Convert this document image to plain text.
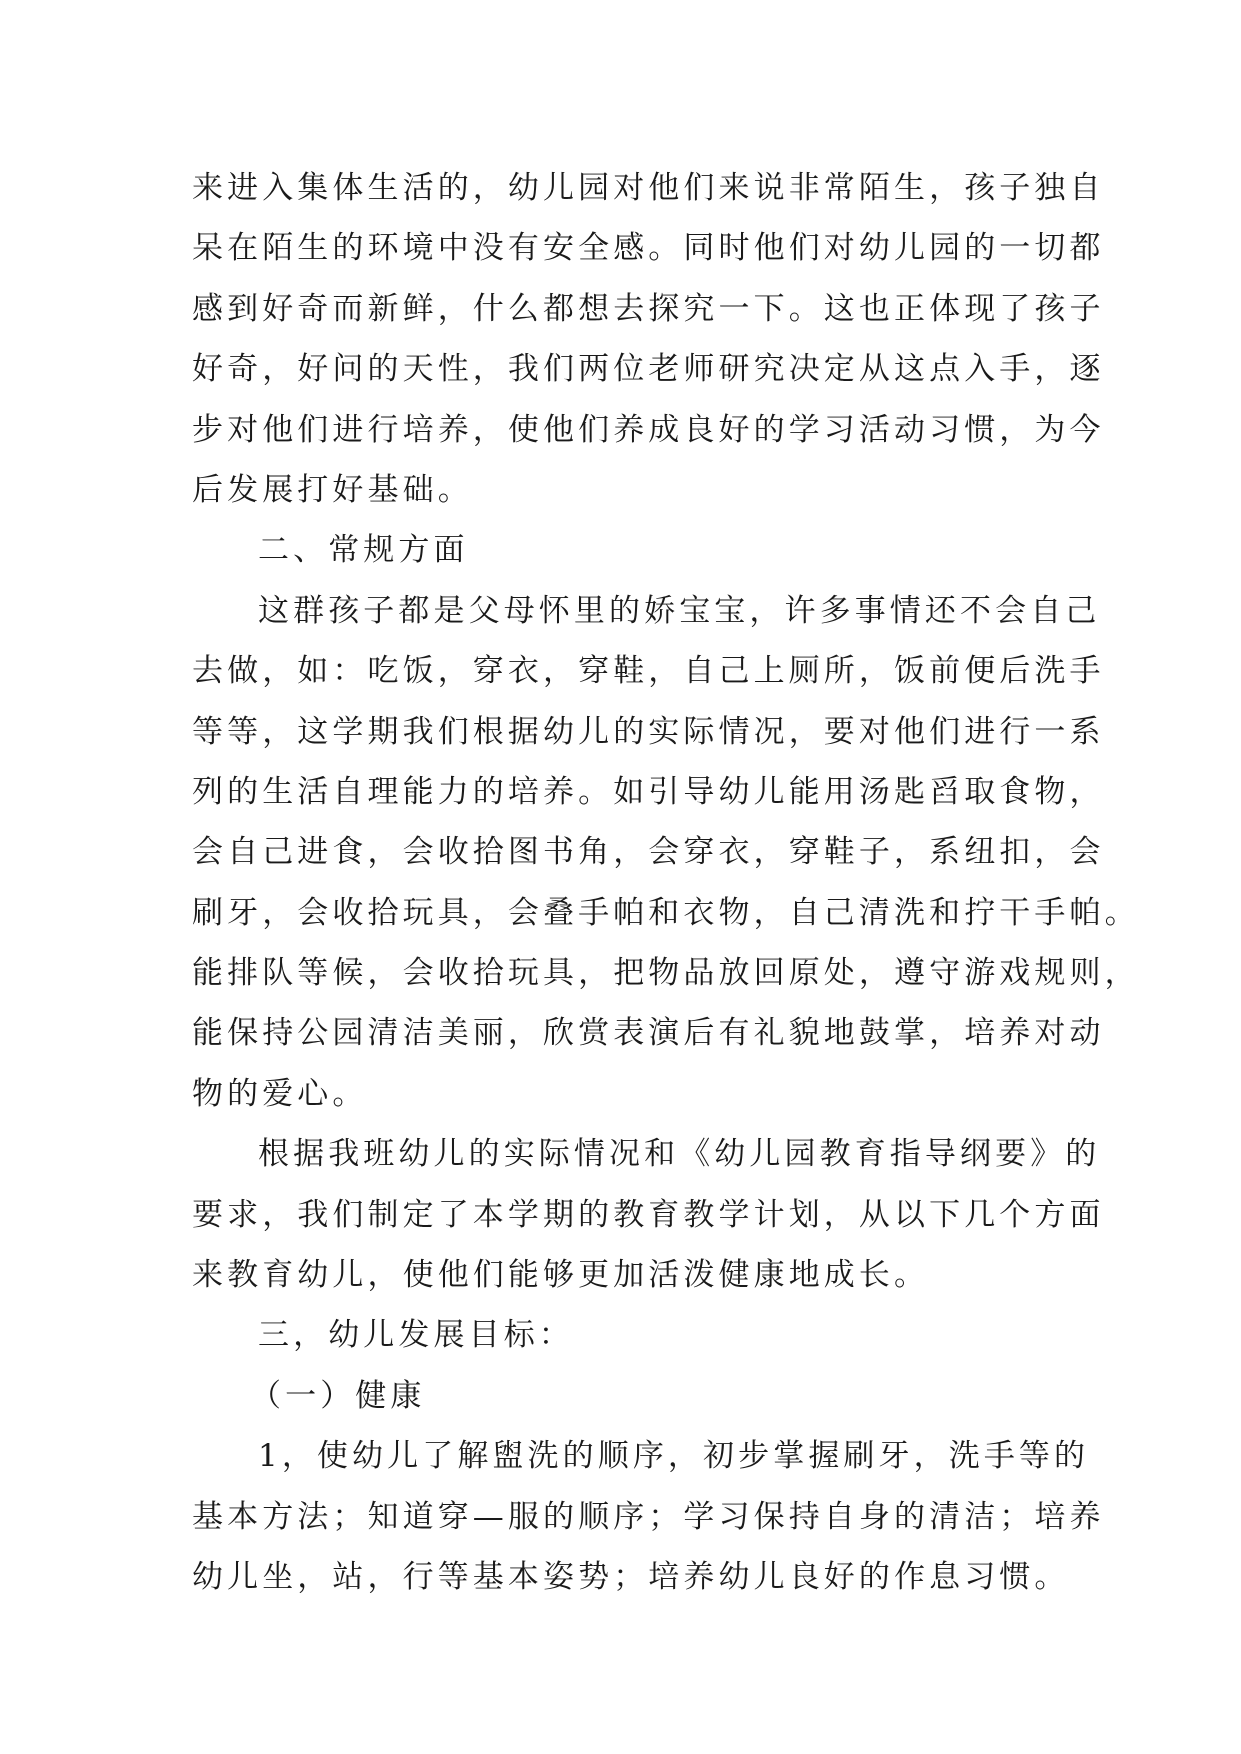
来进入集体生活的，幼儿园对他们来说非常陌生，孩子独自
呆在陌生的环境中没有安全感。同时他们对幼儿园的一切都
感到好奇而新鲜，什么都想去探究一下。这也正体现了孩子
好奇，好问的天性，我们两位老师研究决定从这点入手，逐
步对他们进行培养，使他们养成良好的学习活动习惯，为今
后发展打好基础。
二、常规方面
这群孩子都是父母怀里的娇宝宝，许多事情还不会自己
去做，如：吃饭，穿衣，穿鞋，自己上厕所，饭前便后洗手
等等，这学期我们根据幼儿的实际情况，要对他们进行一系
列的生活自理能力的培养。如引导幼儿能用汤匙舀取食物，
会自己进食，会收拾图书角，会穿衣，穿鞋子，系纽扣，会
刷牙，会收拾玩具，会叠手帕和衣物，自己清洗和拧干手帕。
能排队等候，会收拾玩具，把物品放回原处，遵守游戏规则，
能保持公园清洁美丽，欣赏表演后有礼貌地鼓掌，培养对动
物的爱心。
根据我班幼儿的实际情况和《幼儿园教育指导纲要》的
要求，我们制定了本学期的教育教学计划，从以下几个方面
来教育幼儿，使他们能够更加活泼健康地成长。
三，幼儿发展目标：
（一）健康
1，使幼儿了解盥洗的顺序，初步掌握刷牙，洗手等的
基本方法；知道穿—服的顺序；学习保持自身的清洁；培养
幼儿坐，站，行等基本姿势；培养幼儿良好的作息习惯。
